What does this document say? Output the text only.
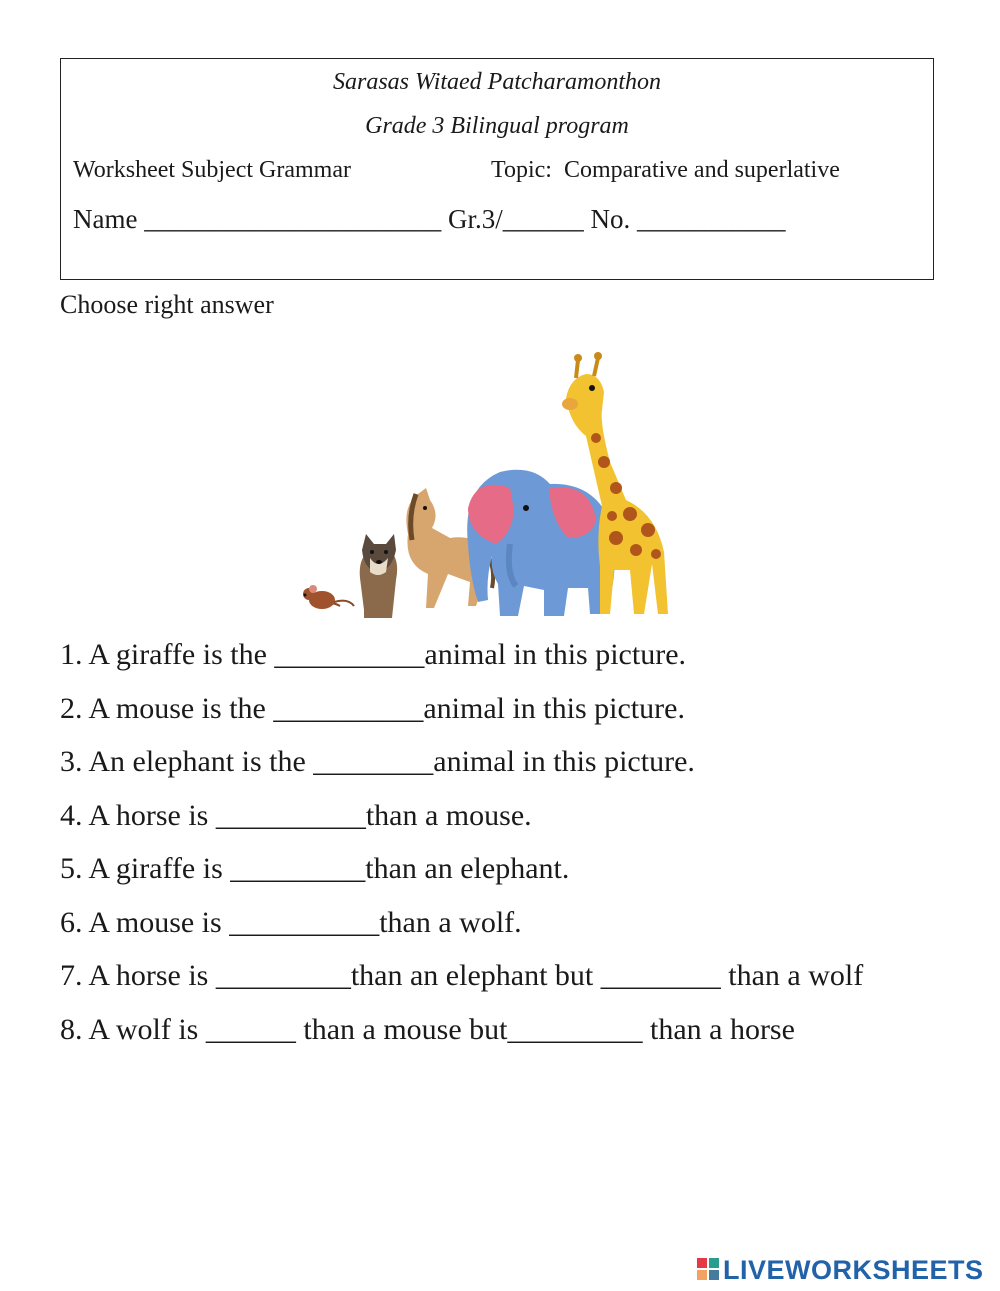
Sarasas Witaed Patcharamonthon
Grade 3 Bilingual program
Worksheet Subject Grammar	Topic:  Comparative and superlative
Name ______________________ Gr.3/______ No. ___________
Choose right answer
1. A giraffe is the __________animal in this picture.
2. A mouse is the __________animal in this picture.
3. An elephant is the ________animal in this picture.
4. A horse is __________than a mouse.
5. A giraffe is _________than an elephant.
6. A mouse is __________than a wolf.
7. A horse is _________than an elephant but ________ than a wolf
8. A wolf is ______ than a mouse but_________ than a horse
LIVEWORKSHEETS
